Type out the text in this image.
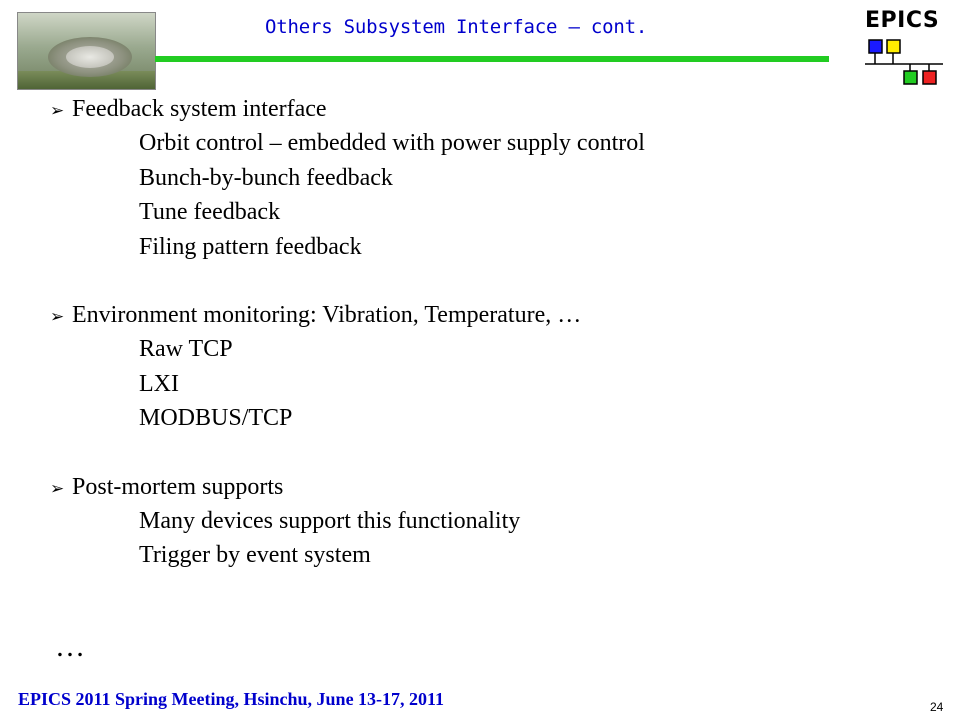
Others Subsystem Interface – cont.	EPICS
➢ Feedback system interface
Orbit control – embedded with power supply control
Bunch-by-bunch feedback
Tune feedback
Filing pattern feedback
➢ Environment monitoring: Vibration, Temperature, …
Raw TCP
LXI
MODBUS/TCP
➢ Post-mortem supports
Many devices support this functionality
Trigger by event system
…
EPICS 2011 Spring Meeting, Hsinchu, June 13-17, 2011	24
